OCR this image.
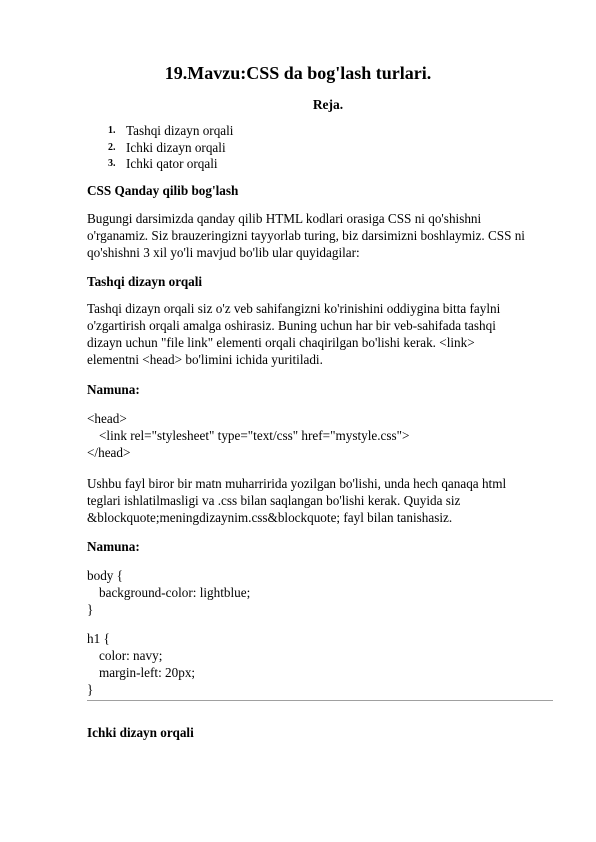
19.Mavzu:CSS da bog'lash turlari.
Reja.
1. Tashqi dizayn orqali
2. Ichki dizayn orqali
3. Ichki qator orqali
CSS Qanday qilib bog'lash
Bugungi darsimizda qanday qilib HTML kodlari orasiga CSS ni qo'shishni
o'rganamiz. Siz brauzeringizni tayyorlab turing, biz darsimizni boshlaymiz. CSS ni
qo'shishni 3 xil yo'li mavjud bo'lib ular quyidagilar:
Tashqi dizayn orqali
Tashqi dizayn orqali siz o'z veb sahifangizni ko'rinishini oddiygina bitta faylni
o'zgartirish orqali amalga oshirasiz. Buning uchun har bir veb-sahifada tashqi
dizayn uchun "file link" elementi orqali chaqirilgan bo'lishi kerak. <link>
elementni <head> bo'limini ichida yuritiladi.
Namuna:
<head>
<link rel="stylesheet" type="text/css" href="mystyle.css">
</head>
Ushbu fayl biror bir matn muharririda yozilgan bo'lishi, unda hech qanaqa html
teglari ishlatilmasligi va .css bilan saqlangan bo'lishi kerak. Quyida siz
&blockquote;meningdizaynim.css&blockquote; fayl bilan tanishasiz.
Namuna:
body {
background-color: lightblue;
}
h1 {
color: navy;
margin-left: 20px;
}
Ichki dizayn orqali
